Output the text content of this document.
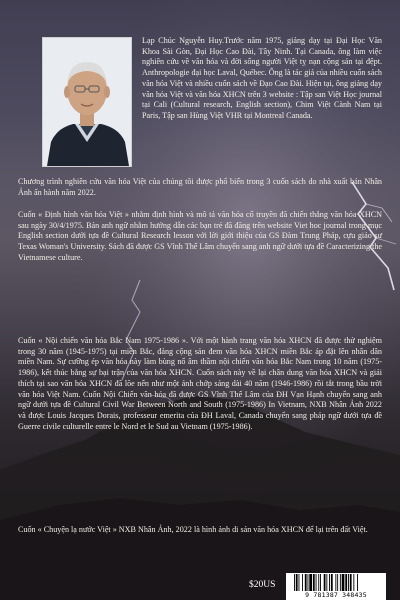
Lạp Chúc Nguyễn Huy.Trước năm 1975, giảng dạy tại Đại Học Văn Khoa Sài Gòn, Đại Học Cao Đài, Tây Ninh. Tại Canada, ông làm việc nghiên cứu về văn hóa và đời sống người Việt tỵ nạn cộng sản tại đệpt. Anthropologie đại học Laval, Québec. Ông là tác giả của nhiều cuốn sách văn hóa Việt và nhiều cuốn sách về Đạo Cao Đài. Hiện tại, ông giảng dạy văn hóa Việt và văn hóa XHCN trên 3 website : Tập san Việt Học journal tại Cali (Cultural research, English section), Chim Việt Cành Nam tại Paris, Tập san Hùng Việt VHR tại Montreal Canada.

Chương trình nghiên cứu văn hóa Việt của chúng tôi được phổ biến trong 3 cuốn sách do nhà xuất bản Nhân Ảnh ấn hành năm 2022.

Cuốn « Định hình văn hóa Việt » nhằm định hình và mô tả văn hóa cổ truyền đã chiến thắng văn hóa XHCN sau ngày 30/4/1975. Bản anh ngữ nhằm hướng dẫn các bạn trẻ đã đăng trên website Viet hoc journal trong mục English section dưới tựa đề Cultural Research lesson với lời giới thiệu của GS Đàm Trung Pháp, cựu giáo sư Texas Woman's University. Sách đã được GS Vĩnh Thế Lâm chuyển sang anh ngữ dưới tựa đề Caracterizing the Vietnamese culture.

Cuốn « Nội chiến văn hóa Bắc Nam 1975-1986 ». Với một hành trang văn hóa XHCN đã được thử nghiệm trong 30 năm (1945-1975) tại miền Bắc, đảng cộng sản đem văn hóa XHCN miền Bắc áp đặt lên nhân dân miền Nam. Sự cưỡng ép văn hóa này làm bùng nổ âm thầm nội chiến văn hóa Bắc Nam trong 10 năm (1975-1986), kết thúc bằng sự bại trận của văn hóa XHCN. Cuốn sách này về lại chân dung văn hóa XHCN và giải thích tại sao văn hóa XHCN đã lõe nến như một ánh chớp sáng dài 40 năm (1946-1986) rồi tắt trong bầu trời văn hóa Việt Nam. Cuốn Nội Chiến văn hóa đã được GS Vĩnh Thế Lâm của ĐH Vạn Hạnh chuyển sang anh ngữ dưới tựa đề Cultural Civil War Between North and South (1975-1986) In Vietnam, NXB Nhân Ảnh 2022 và được Louis Jacques Dorais, professeur emerita của ĐH Laval, Canada chuyển sang pháp ngữ dưới tựa đề Guerre civile culturelle entre le Nord et le Sud au Vietnam (1975-1986).

Cuốn « Chuyện lạ nước Việt » NXB Nhân Ảnh, 2022 là hình ảnh di sản văn hóa XHCN để lại trên đất Việt.

$20US
9 781387 348435
